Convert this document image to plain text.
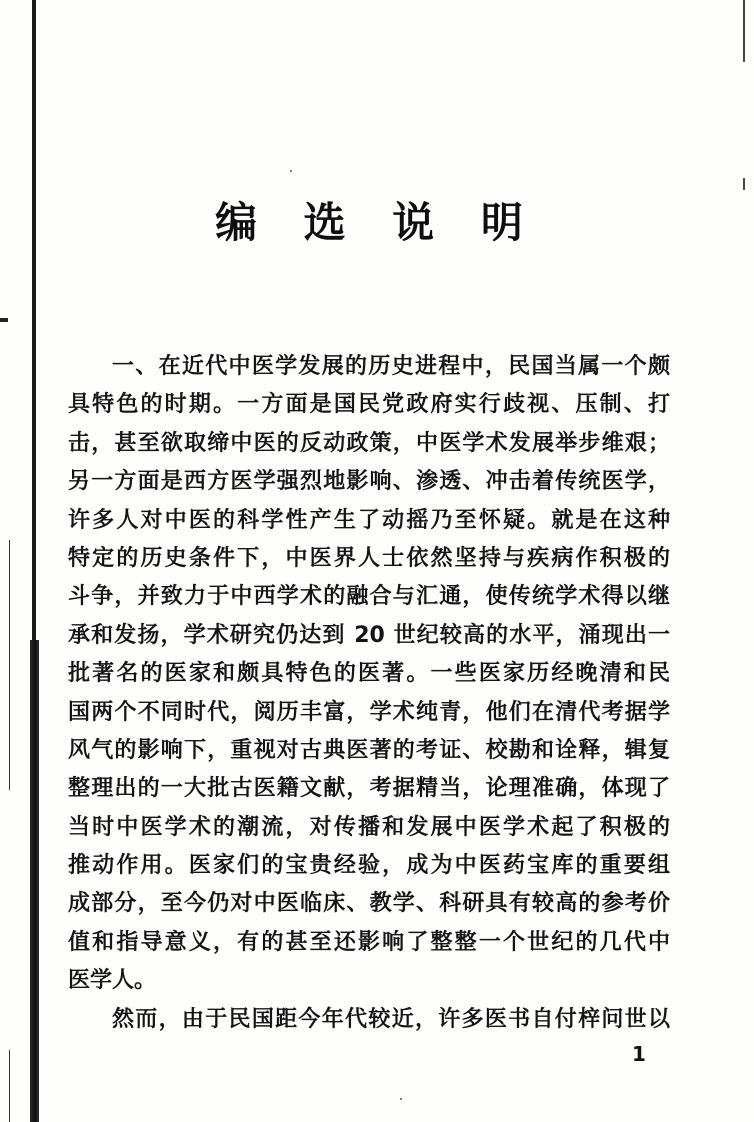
编 选 说 明
一、在近代中医学发展的历史进程中，民国当属一个颇
具特色的时期。一方面是国民党政府实行歧视、压制、打
击，甚至欲取缔中医的反动政策，中医学术发展举步维艰；
另一方面是西方医学强烈地影响、渗透、冲击着传统医学，
许多人对中医的科学性产生了动摇乃至怀疑。就是在这种
特定的历史条件下，中医界人士依然坚持与疾病作积极的
斗争，并致力于中西学术的融合与汇通，使传统学术得以继
承和发扬，学术研究仍达到 20 世纪较高的水平，涌现出一
批著名的医家和颇具特色的医著。一些医家历经晚清和民
国两个不同时代，阅历丰富，学术纯青，他们在清代考据学
风气的影响下，重视对古典医著的考证、校勘和诠释，辑复
整理出的一大批古医籍文献，考据精当，论理准确，体现了
当时中医学术的潮流，对传播和发展中医学术起了积极的
推动作用。医家们的宝贵经验，成为中医药宝库的重要组
成部分，至今仍对中医临床、教学、科研具有较高的参考价
值和指导意义，有的甚至还影响了整整一个世纪的几代中
医学人。
然而，由于民国距今年代较近，许多医书自付梓问世以
1
